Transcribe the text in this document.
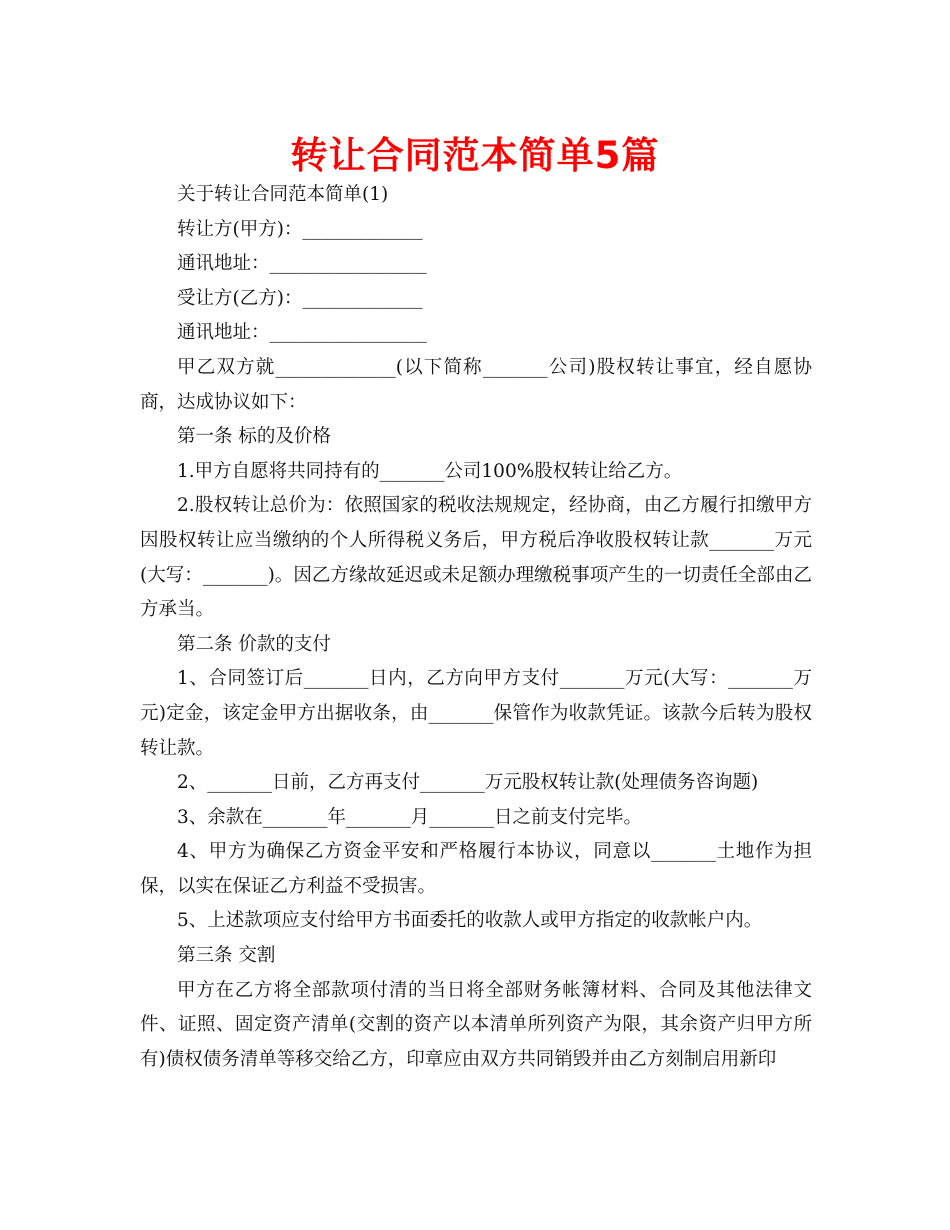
转让合同范本简单5篇

关于转让合同范本简单(1)

转让方(甲方)：_____________

通讯地址：_________________

受让方(乙方)：_____________

通讯地址：_________________

甲乙双方就_____________(以下简称_______公司)股权转让事宜，经自愿协商，达成协议如下：

第一条 标的及价格

1.甲方自愿将共同持有的_______公司100%股权转让给乙方。

2.股权转让总价为：依照国家的税收法规规定，经协商，由乙方履行扣缴甲方因股权转让应当缴纳的个人所得税义务后，甲方税后净收股权转让款_______万元(大写：_______)。因乙方缘故延迟或未足额办理缴税事项产生的一切责任全部由乙方承当。

第二条 价款的支付

1、合同签订后_______日内，乙方向甲方支付_______万元(大写：_______万元)定金，该定金甲方出据收条，由_______保管作为收款凭证。该款今后转为股权转让款。

2、_______日前，乙方再支付_______万元股权转让款(处理债务咨询题)

3、余款在_______年_______月_______日之前支付完毕。

4、甲方为确保乙方资金平安和严格履行本协议，同意以_______土地作为担保，以实在保证乙方利益不受损害。

5、上述款项应支付给甲方书面委托的收款人或甲方指定的收款帐户内。

第三条 交割

甲方在乙方将全部款项付清的当日将全部财务帐簿材料、合同及其他法律文件、证照、固定资产清单(交割的资产以本清单所列资产为限，其余资产归甲方所有)债权债务清单等移交给乙方，印章应由双方共同销毁并由乙方刻制启用新印
